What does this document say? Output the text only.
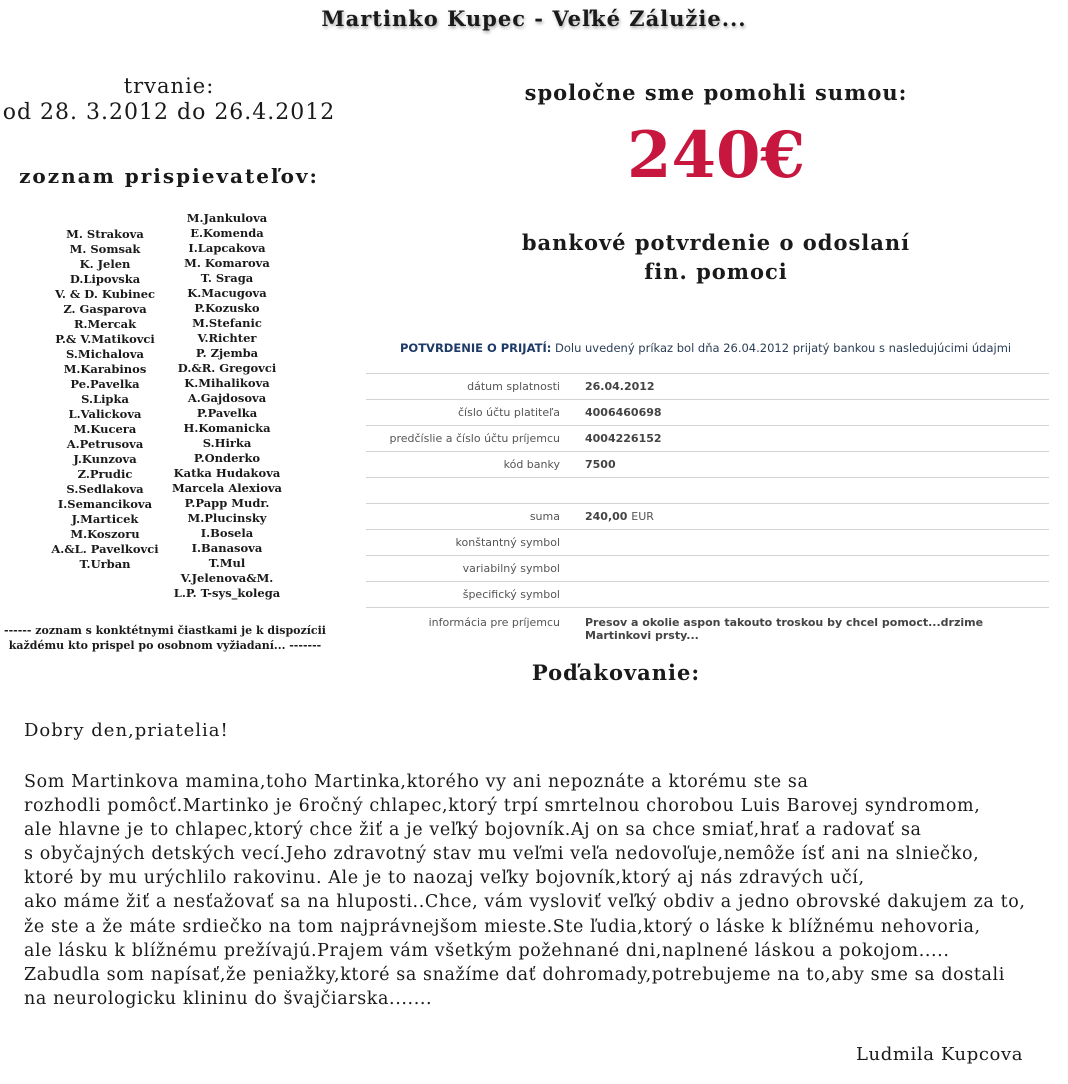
Martinko Kupec - Veľké Zálužie...
trvanie:
od 28. 3.2012 do 26.4.2012
zoznam prispievateľov:
M. Strakova
M. Somsak
K. Jelen
D.Lipovska
V. & D. Kubinec
Z. Gasparova
R.Mercak
P.& V.Matikovci
S.Michalova
M.Karabinos
Pe.Pavelka
S.Lipka
L.Valickova
M.Kucera
A.Petrusova
J.Kunzova
Z.Prudic
S.Sedlakova
I.Semancikova
J.Marticek
M.Koszoru
A.&L. Pavelkovci
T.Urban
M.Jankulova
E.Komenda
I.Lapcakova
M. Komarova
T. Sraga
K.Macugova
P.Kozusko
M.Stefanic
V.Richter
P. Zjemba
D.&R. Gregovci
K.Mihalikova
A.Gajdosova
P.Pavelka
H.Komanicka
S.Hirka
P.Onderko
Katka Hudakova
Marcela Alexiova
P.Papp Mudr.
M.Plucinsky
I.Bosela
I.Banasova
T.Mul
V.Jelenova&M.
L.P. T-sys_kolega
------ zoznam s konktétnymi čiastkami je k dispozícii
každému kto prispel po osobnom vyžiadaní... -------
spoločne sme pomohli sumou:
240€
bankové potvrdenie o odoslaní
fin. pomoci
POTVRDENIE O PRIJATÍ: Dolu uvedený príkaz bol dňa 26.04.2012 prijatý bankou s nasledujúcimi údajmi
dátum splatnosti 26.04.2012
číslo účtu platiteľa 4006460698
predčíslie a číslo účtu príjemcu 4004226152
kód banky 7500
suma 240,00 EUR
konštantný symbol
variabilný symbol
špecifický symbol
informácia pre príjemcu Presov a okolie aspon takouto troskou by chcel pomoct...drzime Martinkovi prsty...
Poďakovanie:
Dobry den,priatelia!
Som Martinkova mamina,toho Martinka,ktorého vy ani nepoznáte a ktorému ste sa
rozhodli pomôcť.Martinko je 6ročný chlapec,ktorý trpí smrtelnou chorobou Luis Barovej syndromom,
ale hlavne je to chlapec,ktorý chce žiť a je veľký bojovník.Aj on sa chce smiať,hrať a radovať sa
s obyčajných detských vecí.Jeho zdravotný stav mu veľmi veľa nedovoľuje,nemôže ísť ani na slniečko,
ktoré by mu urýchlilo rakovinu. Ale je to naozaj veľky bojovník,ktorý aj nás zdravých učí,
ako máme žiť a nesťažovať sa na hluposti..Chce, vám vysloviť veľký obdiv a jedno obrovské dakujem za to,
že ste a že máte srdiečko na tom najprávnejšom mieste.Ste ľudia,ktorý o láske k blížnému nehovoria,
ale lásku k blížnému prežívajú.Prajem vám všetkým požehnané dni,naplnené láskou a pokojom.....
Zabudla som napísať,že peniažky,ktoré sa snažíme dať dohromady,potrebujeme na to,aby sme sa dostali
na neurologicku klininu do švajčiarska.......
Ludmila Kupcova
